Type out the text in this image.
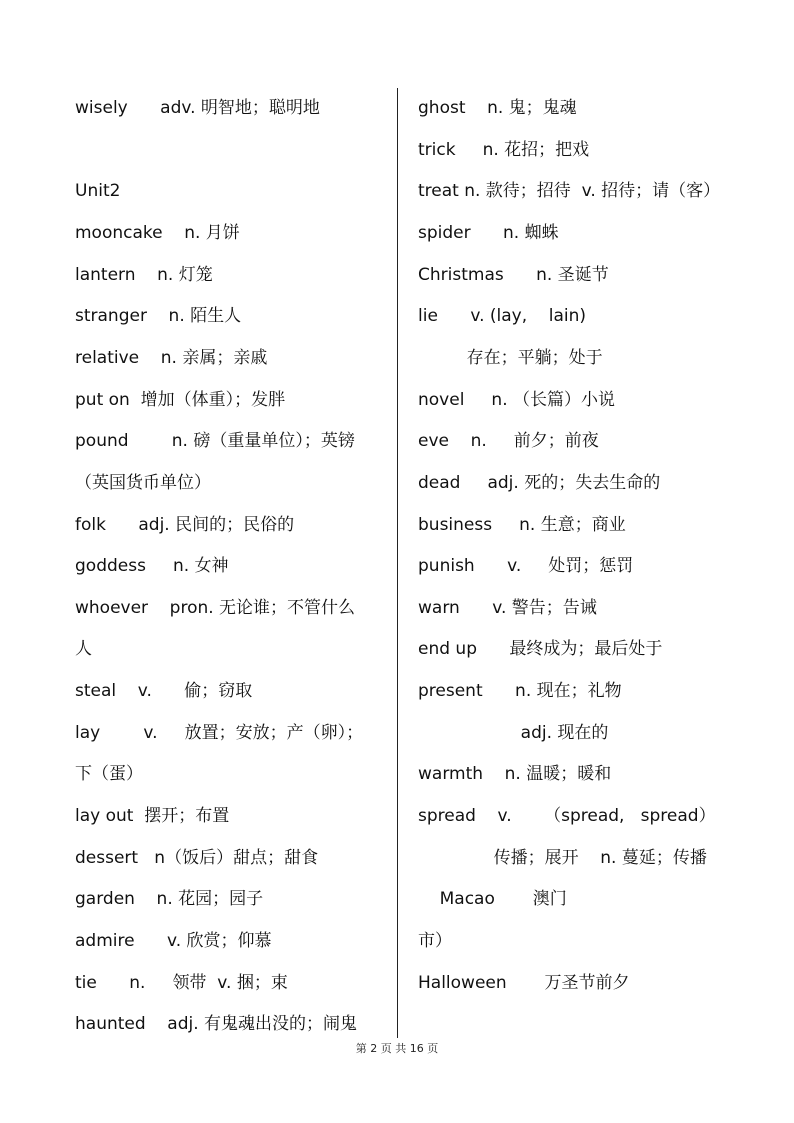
wisely      adv. 明智地；聪明地
Unit2
mooncake    n. 月饼
lantern    n. 灯笼
stranger    n. 陌生人
relative    n. 亲属；亲戚
put on  增加（体重）；发胖
pound        n. 磅（重量单位）；英镑
（英国货币单位）
folk      adj. 民间的；民俗的
goddess     n. 女神
whoever    pron. 无论谁；不管什么
人
steal    v.      偷；窃取
lay        v.     放置；安放；产（卵）；
下（蛋）
lay out  摆开；布置
dessert   n（饭后）甜点；甜食
garden    n. 花园；园子
admire      v. 欣赏；仰慕
tie      n.     领带  v. 捆；束
haunted    adj. 有鬼魂出没的；闹鬼
ghost    n. 鬼；鬼魂
trick     n. 花招；把戏
treat n. 款待；招待  v. 招待；请（客）
spider      n. 蜘蛛
Christmas      n. 圣诞节
lie      v. (lay,    lain)
存在；平躺；处于
novel     n. （长篇）小说
eve    n.     前夕；前夜
dead     adj. 死的；失去生命的
business     n. 生意；商业
punish      v.     处罚；惩罚
warn      v. 警告；告诫
end up      最终成为；最后处于
present      n. 现在；礼物
adj. 现在的
warmth    n. 温暖；暖和
spread    v.      （spread,   spread）
传播；展开    n. 蔓延；传播
Macao       澳门
市）
Halloween       万圣节前夕
第 2 页 共 16 页
